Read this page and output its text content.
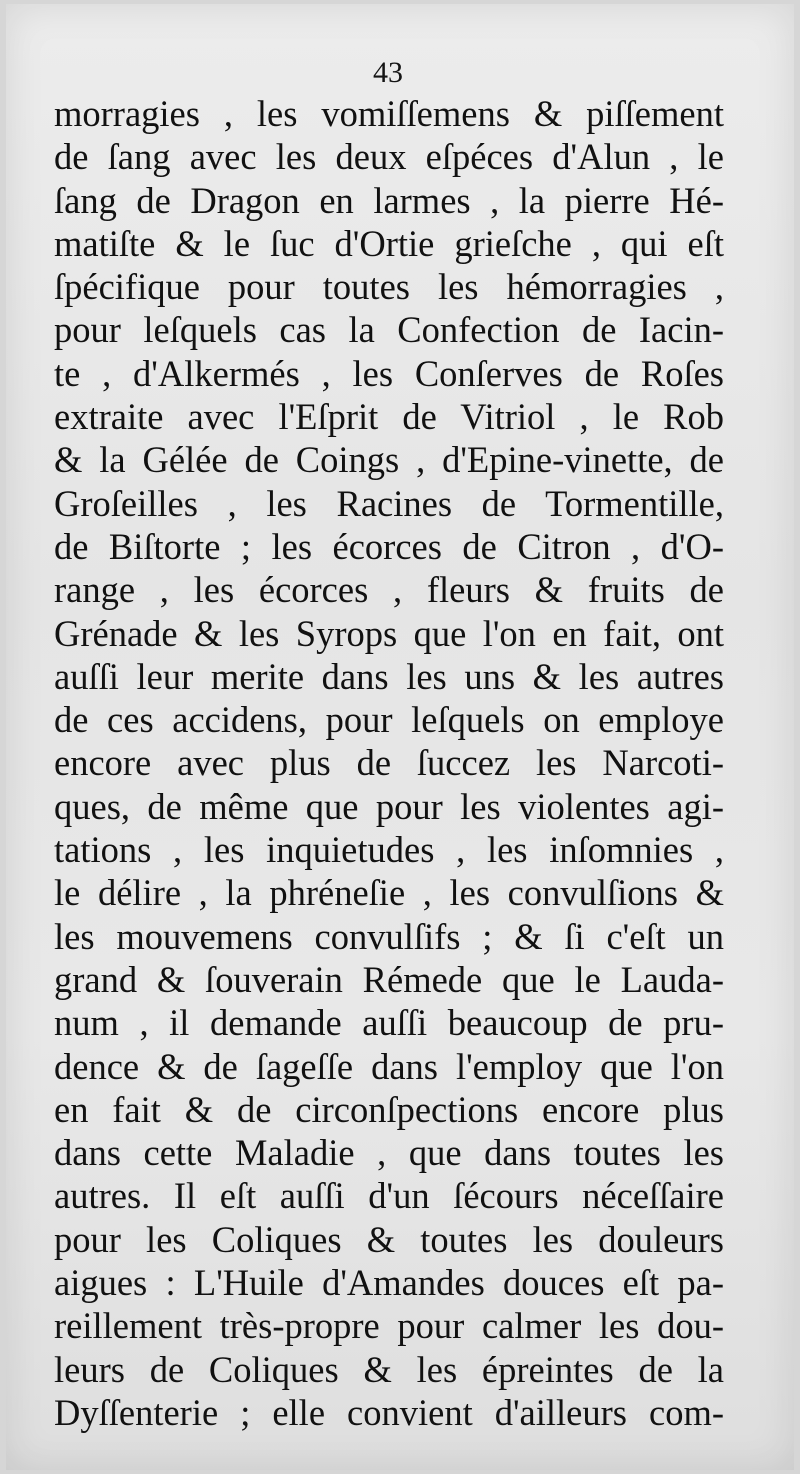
43
morragies , les vomiſſemens & piſſement
de ſang avec les deux eſpéces d'Alun , le
ſang de Dragon en larmes , la pierre Hé-
matiſte & le ſuc d'Ortie grieſche , qui eſt
ſpécifique pour toutes les hémorragies ,
pour leſquels cas la Confection de Iacin-
te , d'Alkermés , les Conſerves de Roſes
extraite avec l'Eſprit de Vitriol , le Rob
& la Gélée de Coings , d'Epine-vinette, de
Groſeilles , les Racines de Tormentille,
de Biſtorte ; les écorces de Citron , d'O-
range , les écorces , fleurs & fruits de
Grénade & les Syrops que l'on en fait, ont
auſſi leur merite dans les uns & les autres
de ces accidens, pour leſquels on employe
encore avec plus de ſuccez les Narcoti-
ques, de même que pour les violentes agi-
tations , les inquietudes , les inſomnies ,
le délire , la phréneſie , les convulſions &
les mouvemens convulſifs ; & ſi c'eſt un
grand & ſouverain Rémede que le Lauda-
num , il demande auſſi beaucoup de pru-
dence & de ſageſſe dans l'employ que l'on
en fait & de circonſpections encore plus
dans cette Maladie , que dans toutes les
autres. Il eſt auſſi d'un ſécours néceſſaire
pour les Coliques & toutes les douleurs
aigues : L'Huile d'Amandes douces eſt pa-
reillement très-propre pour calmer les dou-
leurs de Coliques & les épreintes de la
Dyſſenterie ; elle convient d'ailleurs com-
